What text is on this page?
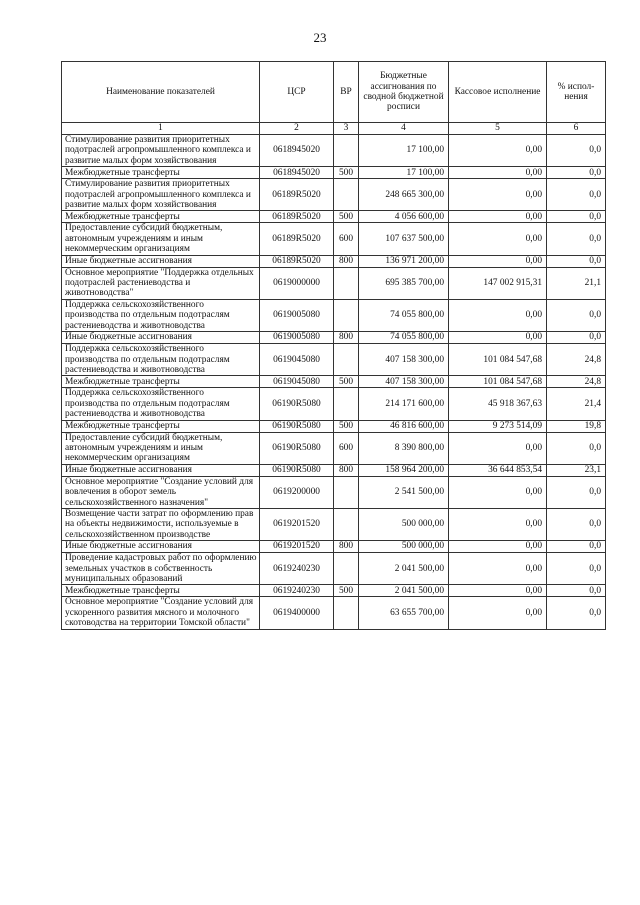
23
Наименование показателей	ЦСР	ВР	Бюджетные ассигнования по сводной бюджетной росписи	Кассовое исполнение	% испол-нения
1	2	3	4	5	6
Стимулирование развития приоритетных подотраслей агропромышленного комплекса и развитие малых форм хозяйствования	0618945020		17 100,00	0,00	0,0
Межбюджетные трансферты	0618945020	500	17 100,00	0,00	0,0
Стимулирование развития приоритетных подотраслей агропромышленного комплекса и развитие малых форм хозяйствования	06189R5020		248 665 300,00	0,00	0,0
Межбюджетные трансферты	06189R5020	500	4 056 600,00	0,00	0,0
Предоставление субсидий бюджетным, автономным учреждениям и иным некоммерческим организациям	06189R5020	600	107 637 500,00	0,00	0,0
Иные бюджетные ассигнования	06189R5020	800	136 971 200,00	0,00	0,0
Основное мероприятие "Поддержка отдельных подотраслей растениеводства и животноводства"	0619000000		695 385 700,00	147 002 915,31	21,1
Поддержка сельскохозяйственного производства по отдельным подотраслям растениеводства и животноводства	0619005080		74 055 800,00	0,00	0,0
Иные бюджетные ассигнования	0619005080	800	74 055 800,00	0,00	0,0
Поддержка сельскохозяйственного производства по отдельным подотраслям растениеводства и животноводства	0619045080		407 158 300,00	101 084 547,68	24,8
Межбюджетные трансферты	0619045080	500	407 158 300,00	101 084 547,68	24,8
Поддержка сельскохозяйственного производства по отдельным подотраслям растениеводства и животноводства	06190R5080		214 171 600,00	45 918 367,63	21,4
Межбюджетные трансферты	06190R5080	500	46 816 600,00	9 273 514,09	19,8
Предоставление субсидий бюджетным, автономным учреждениям и иным некоммерческим организациям	06190R5080	600	8 390 800,00	0,00	0,0
Иные бюджетные ассигнования	06190R5080	800	158 964 200,00	36 644 853,54	23,1
Основное мероприятие "Создание условий для вовлечения в оборот земель сельскохозяйственного назначения"	0619200000		2 541 500,00	0,00	0,0
Возмещение части затрат по оформлению прав на объекты недвижимости, используемые в сельскохозяйственном производстве	0619201520		500 000,00	0,00	0,0
Иные бюджетные ассигнования	0619201520	800	500 000,00	0,00	0,0
Проведение кадастровых работ по оформлению земельных участков в собственность муниципальных образований	0619240230		2 041 500,00	0,00	0,0
Межбюджетные трансферты	0619240230	500	2 041 500,00	0,00	0,0
Основное мероприятие "Создание условий для ускоренного развития мясного и молочного скотоводства на территории Томской области"	0619400000		63 655 700,00	0,00	0,0
